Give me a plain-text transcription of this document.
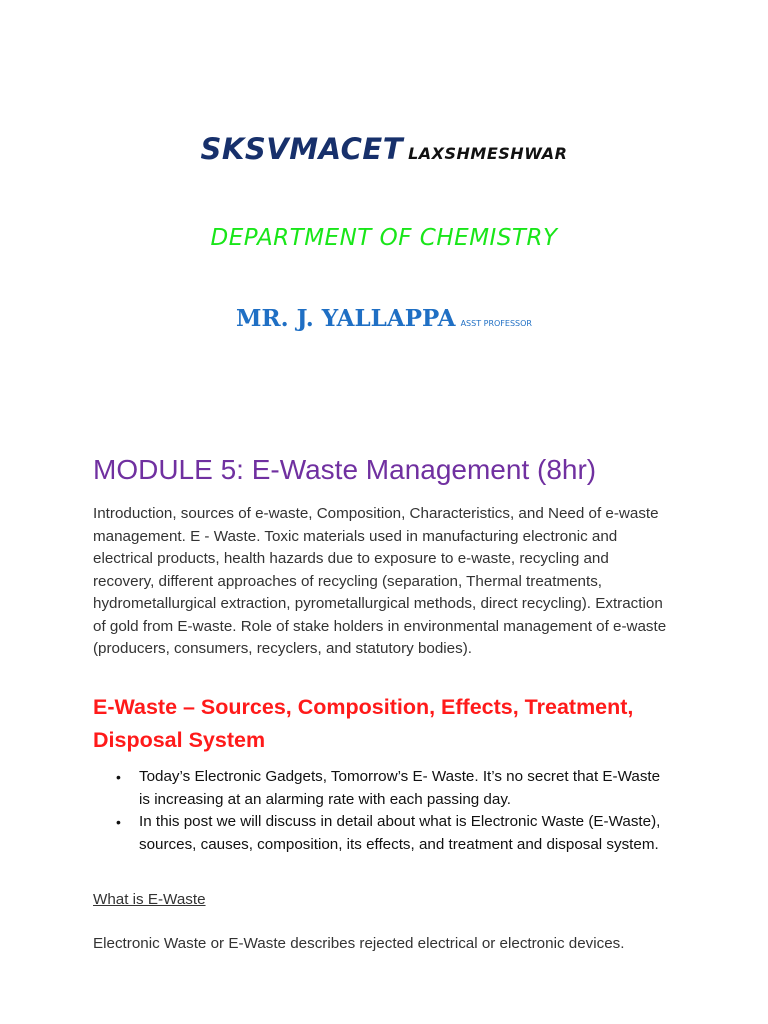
SKSVMACET LAXSHMESHWAR
DEPARTMENT OF CHEMISTRY
MR. J. YALLAPPA ASST PROFESSOR
MODULE 5: E-Waste Management (8hr)

Introduction, sources of e-waste, Composition, Characteristics, and Need of e-waste management. E - Waste. Toxic materials used in manufacturing electronic and electrical products, health hazards due to exposure to e-waste, recycling and recovery, different approaches of recycling (separation, Thermal treatments, hydrometallurgical extraction, pyrometallurgical methods, direct recycling). Extraction of gold from E-waste. Role of stake holders in environmental management of e-waste (producers, consumers, recyclers, and statutory bodies).

E-Waste – Sources, Composition, Effects, Treatment, Disposal System
• Today’s Electronic Gadgets, Tomorrow’s E- Waste. It’s no secret that E-Waste is increasing at an alarming rate with each passing day.
• In this post we will discuss in detail about what is Electronic Waste (E-Waste), sources, causes, composition, its effects, and treatment and disposal system.

What is E-Waste

Electronic Waste or E-Waste describes rejected electrical or electronic devices.
